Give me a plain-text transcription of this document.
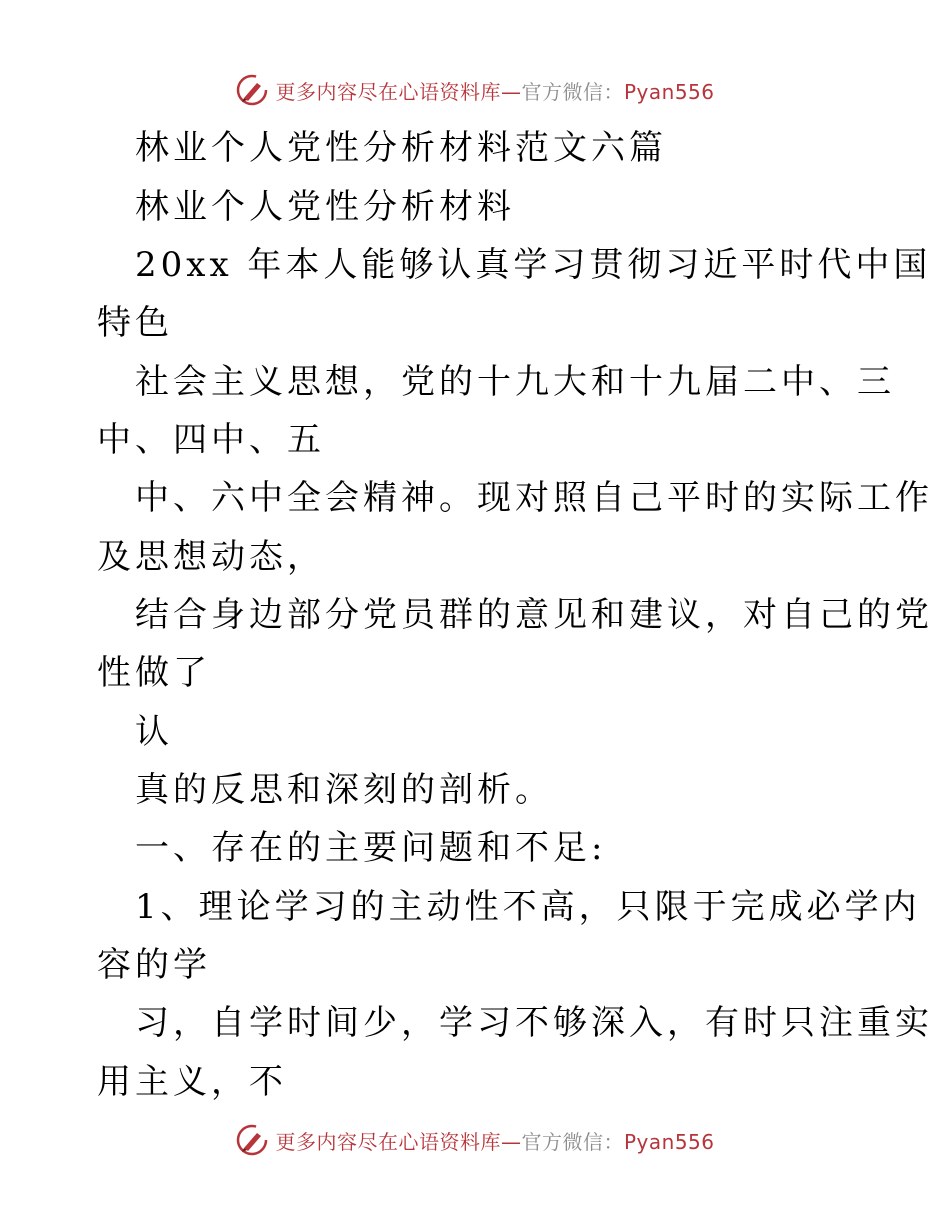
更多内容尽在心语资料库—官方微信：Pyan556
林业个人党性分析材料范文六篇
林业个人党性分析材料
20xx 年本人能够认真学习贯彻习近平时代中国
特色
社会主义思想，党的十九大和十九届二中、三
中、四中、五
中、六中全会精神。现对照自己平时的实际工作
及思想动态，
结合身边部分党员群的意见和建议，对自己的党
性做了
认
真的反思和深刻的剖析。
一、存在的主要问题和不足:
1、理论学习的主动性不高，只限于完成必学内
容的学
习，自学时间少，学习不够深入，有时只注重实
用主义，不
更多内容尽在心语资料库—官方微信：Pyan556
